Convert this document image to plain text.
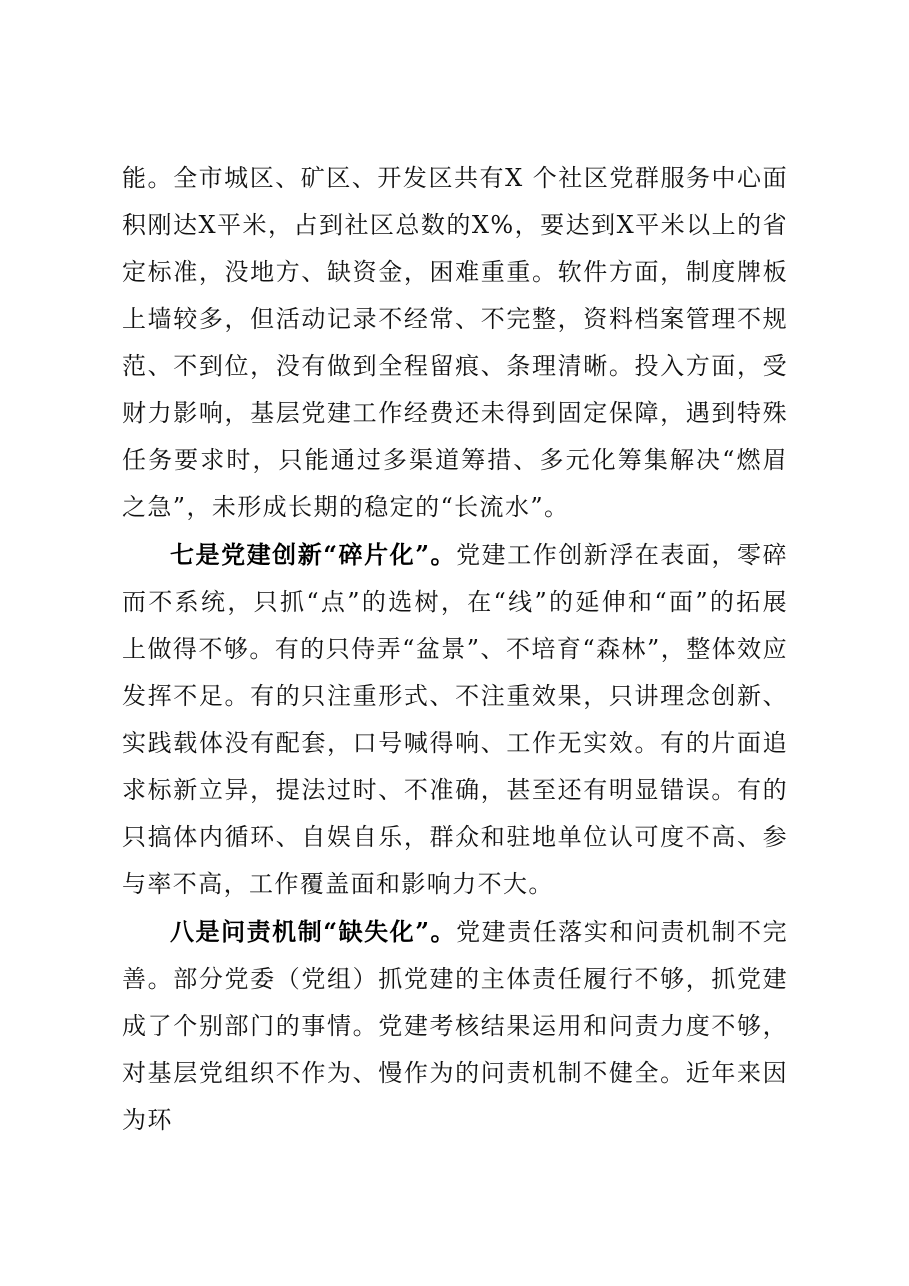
能。全市城区、矿区、开发区共有X 个社区党群服务中心面积刚达X平米，占到社区总数的X%，要达到X平米以上的省定标准，没地方、缺资金，困难重重。软件方面，制度牌板上墙较多，但活动记录不经常、不完整，资料档案管理不规范、不到位，没有做到全程留痕、条理清晰。投入方面，受财力影响，基层党建工作经费还未得到固定保障，遇到特殊任务要求时，只能通过多渠道筹措、多元化筹集解决“燃眉之急”，未形成长期的稳定的“长流水”。

七是党建创新“碎片化”。党建工作创新浮在表面，零碎而不系统，只抓“点”的选树，在“线”的延伸和“面”的拓展上做得不够。有的只侍弄“盆景”、不培育“森林”，整体效应发挥不足。有的只注重形式、不注重效果，只讲理念创新、实践载体没有配套，口号喊得响、工作无实效。有的片面追求标新立异，提法过时、不准确，甚至还有明显错误。有的只搞体内循环、自娱自乐，群众和驻地单位认可度不高、参与率不高，工作覆盖面和影响力不大。

八是问责机制“缺失化”。党建责任落实和问责机制不完善。部分党委（党组）抓党建的主体责任履行不够，抓党建成了个别部门的事情。党建考核结果运用和问责力度不够，对基层党组织不作为、慢作为的问责机制不健全。近年来因为环
